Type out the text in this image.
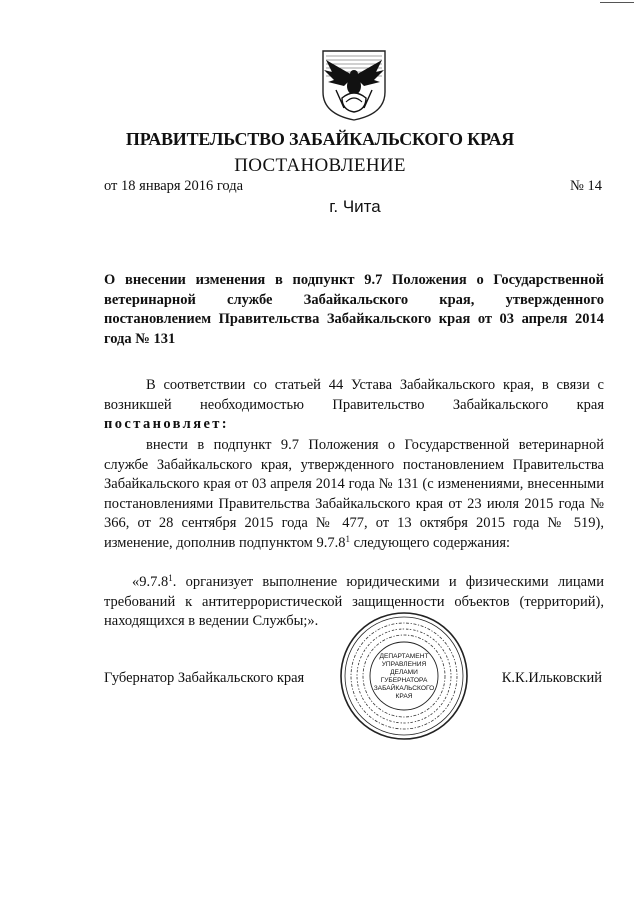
ПРАВИТЕЛЬСТВО ЗАБАЙКАЛЬСКОГО КРАЯ

ПОСТАНОВЛЕНИЕ

от 18 января 2016 года	№ 14

г. Чита

О внесении изменения в подпункт 9.7 Положения о Государственной ветеринарной службе Забайкальского края, утвержденного постановлением Правительства Забайкальского края от 03 апреля 2014 года № 131

В соответствии со статьей 44 Устава Забайкальского края, в связи с возникшей необходимостью Правительство Забайкальского края постановляет:

внести в подпункт 9.7 Положения о Государственной ветеринарной службе Забайкальского края, утвержденного постановлением Правительства Забайкальского края от 03 апреля 2014 года № 131 (с изменениями, внесенными постановлениями Правительства Забайкальского края от 23 июля 2015 года № 366, от 28 сентября 2015 года № 477, от 13 октября 2015 года № 519), изменение, дополнив подпунктом 9.7.8$^1$ следующего содержания:

«9.7.8$^1$. организует выполнение юридическими и физическими лицами требований к антитеррористической защищенности объектов (территорий), находящихся в ведении Службы;».

ДЕПАРТАМЕНТ
УПРАВЛЕНИЯ
ДЕЛАМИ
ГУБЕРНАТОРА
ЗАБАЙКАЛЬСКОГО
КРАЯ

Губернатор Забайкальского края	К.К.Ильковский
